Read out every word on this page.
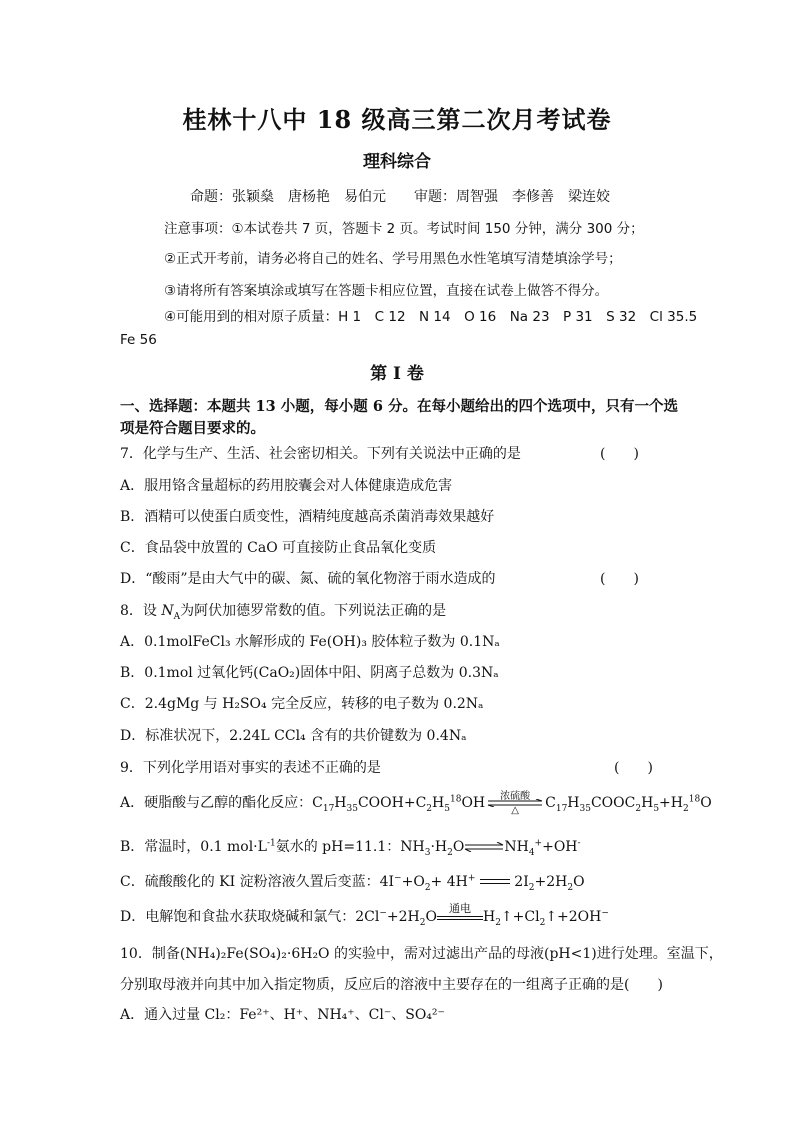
桂林十八中 18 级高三第二次月考试卷
理科综合
命题：张颖燊　唐杨艳　易伯元　　审题：周智强　李修善　梁连姣
注意事项：①本试卷共 7 页，答题卡 2 页。考试时间 150 分钟，满分 300 分；
②正式开考前，请务必将自己的姓名、学号用黑色水性笔填写清楚填涂学号；
③请将所有答案填涂或填写在答题卡相应位置，直接在试卷上做答不得分。
④可能用到的相对原子质量：H 1　C 12　N 14　O 16　Na 23　P 31　S 32　Cl 35.5
Fe 56
第 I 卷
一、选择题：本题共 13 小题，每小题 6 分。在每小题给出的四个选项中，只有一个选项是符合题目要求的。
7．化学与生产、生活、社会密切相关。下列有关说法中正确的是	(　　)
A．服用铬含量超标的药用胶囊会对人体健康造成危害
B．酒精可以使蛋白质变性，酒精纯度越高杀菌消毒效果越好
C．食品袋中放置的 CaO 可直接防止食品氧化变质
D．“酸雨”是由大气中的碳、氮、硫的氧化物溶于雨水造成的	(　　)
8．设 $N_A$为阿伏加德罗常数的值。下列说法正确的是
A．0.1molFeCl₃ 水解形成的 Fe(OH)₃ 胶体粒子数为 0.1Nₐ
B．0.1mol 过氧化钙(CaO₂)固体中阳、阴离子总数为 0.3Nₐ
C．2.4gMg 与 H₂SO₄ 完全反应，转移的电子数为 0.2Nₐ
D．标准状况下，2.24L CCl₄ 含有的共价键数为 0.4Nₐ
9．下列化学用语对事实的表述不正确的是	(　　)
A．硬脂酸与乙醇的酯化反应：$C_{17}H_{35}COOH+C_2H_5^{18}OH$	浓硫酸
△	$C_{17}H_{35}COOC_2H_5+H_2^{18}O$
B．常温时，0.1 $mol\cdot L^{-1}$氨水的 pH=11.1：$NH_3\cdot H_2O\rightleftharpoons NH_4^++OH^-$
C．硫酸酸化的 KI 淀粉溶液久置后变蓝：$4I^-+O_2+ 4H^+$  $2I_2+2H_2O$
D．电解饱和食盐水获取烧碱和氯气：$2Cl^-+2H_2O$
通电
$H_2↑+Cl_2↑+2OH^-$
10．制备(NH₄)₂Fe(SO₄)₂·6H₂O 的实验中，需对过滤出产品的母液(pH<1)进行处理。室温下，
分别取母液并向其中加入指定物质，反应后的溶液中主要存在的一组离子正确的是(　　)
A．通入过量 Cl₂：Fe²⁺、H⁺、NH₄⁺、Cl⁻、SO₄²⁻
